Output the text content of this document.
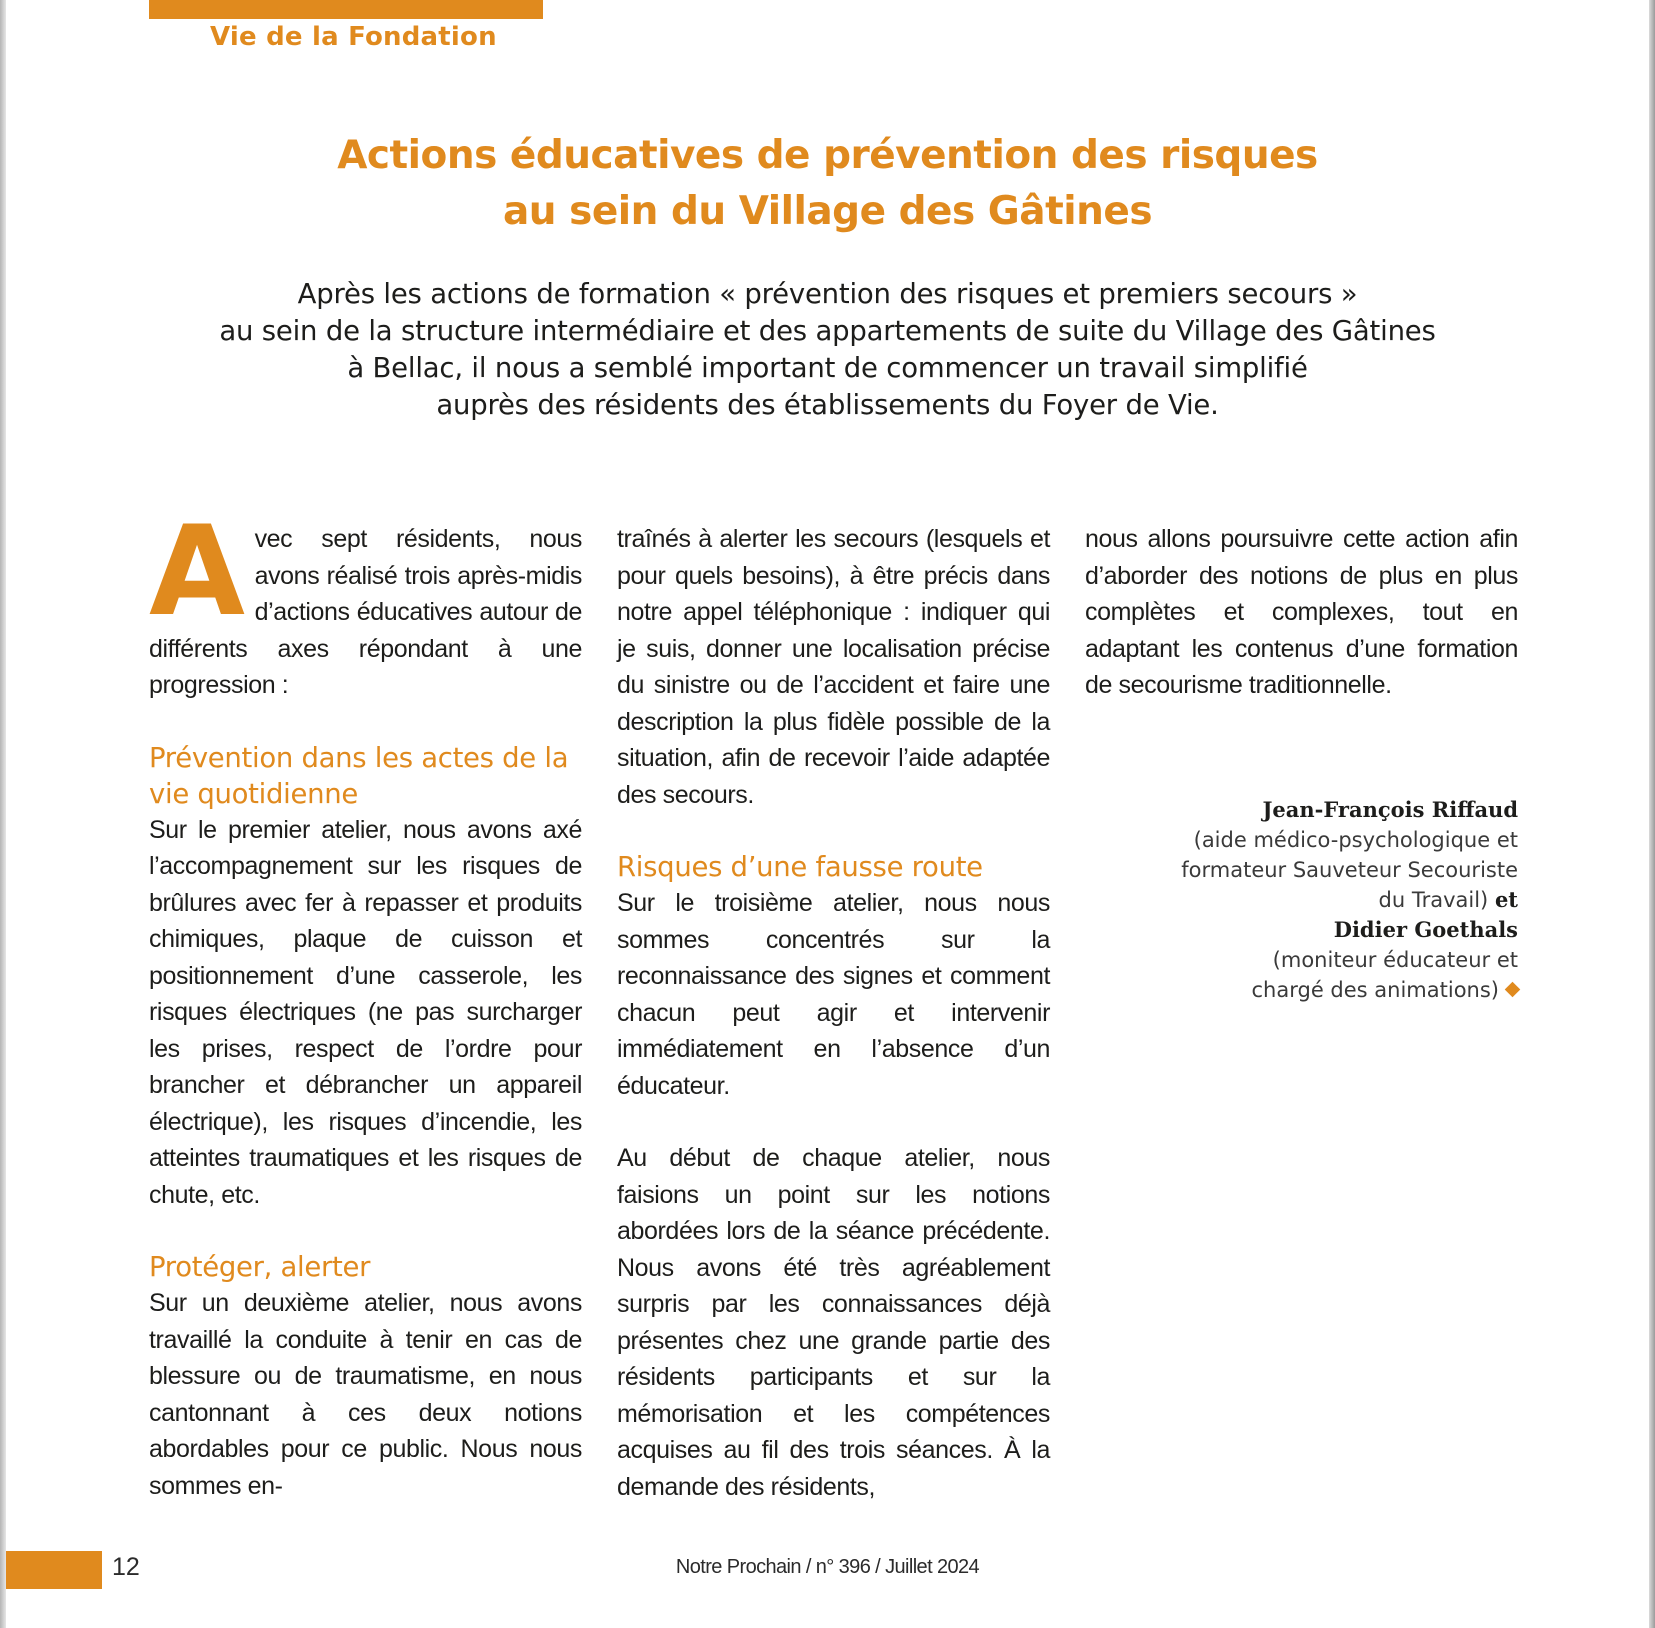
Vie de la Fondation
Actions éducatives de prévention des risques
au sein du Village des Gâtines
Après les actions de formation « prévention des risques et premiers secours »
au sein de la structure intermédiaire et des appartements de suite du Village des Gâtines
à Bellac, il nous a semblé important de commencer un travail simplifié
auprès des résidents des établissements du Foyer de Vie.

Avec sept résidents, nous avons réalisé trois après-midis d’actions éducatives autour de différents axes répondant à une progression :

Prévention dans les actes de la vie quotidienne

Sur le premier atelier, nous avons axé l’accompagnement sur les risques de brûlures avec fer à repasser et produits chimiques, plaque de cuisson et positionnement d’une casserole, les risques électriques (ne pas surcharger les prises, respect de l’ordre pour brancher et débrancher un appareil électrique), les risques d’incendie, les atteintes traumatiques et les risques de chute, etc.

Protéger, alerter

Sur un deuxième atelier, nous avons travaillé la conduite à tenir en cas de blessure ou de traumatisme, en nous cantonnant à ces deux notions abordables pour ce public. Nous nous sommes en-

traînés à alerter les secours (lesquels et pour quels besoins), à être précis dans notre appel téléphonique : indiquer qui je suis, donner une localisation précise du sinistre ou de l’accident et faire une description la plus fidèle possible de la situation, afin de recevoir l’aide adaptée des secours.

Risques d’une fausse route

Sur le troisième atelier, nous nous sommes concentrés sur la reconnaissance des signes et comment chacun peut agir et intervenir immédiatement en l’absence d’un éducateur.

Au début de chaque atelier, nous faisions un point sur les notions abordées lors de la séance précédente. Nous avons été très agréablement surpris par les connaissances déjà présentes chez une grande partie des résidents participants et sur la mémorisation et les compétences acquises au fil des trois séances. À la demande des résidents,

nous allons poursuivre cette action afin d’aborder des notions de plus en plus complètes et complexes, tout en adaptant les contenus d’une formation de secourisme traditionnelle.

Jean-François Riffaud
(aide médico-psychologique et
formateur Sauveteur Secouriste
du Travail) et
Didier Goethals
(moniteur éducateur et
chargé des animations)
12	Notre Prochain / n° 396 / Juillet 2024
